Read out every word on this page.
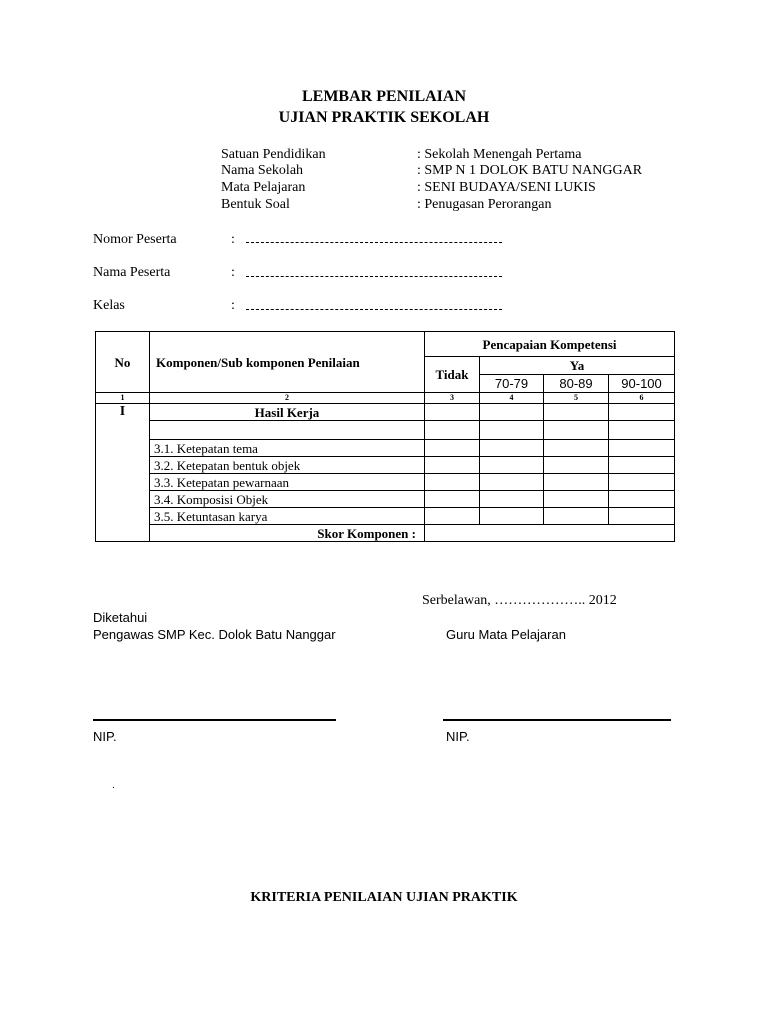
LEMBAR PENILAIAN
UJIAN PRAKTIK SEKOLAH
Satuan Pendidikan	: Sekolah Menengah Pertama
Nama Sekolah	: SMP N 1 DOLOK BATU NANGGAR
Mata Pelajaran	: SENI BUDAYA/SENI LUKIS
Bentuk Soal	: Penugasan Perorangan
Nomor Peserta	:
Nama Peserta	:
Kelas	:
No	Komponen/Sub komponen Penilaian	Pencapaian Kompetensi			
		Tidak	Ya		
			70-79	80-89	90-100
1	2	3	4	5	6
I	Hasil Kerja				

	3.1. Ketepatan tema				
	3.2. Ketepatan bentuk objek				
	3.3. Ketepatan pewarnaan				
	3.4. Komposisi Objek				
	3.5. Ketuntasan karya				
	Skor Komponen :				
Serbelawan, ……………….. 2012
Diketahui
Pengawas SMP Kec. Dolok Batu Nanggar	Guru Mata Pelajaran
NIP.	NIP.
.
KRITERIA PENILAIAN UJIAN PRAKTIK
